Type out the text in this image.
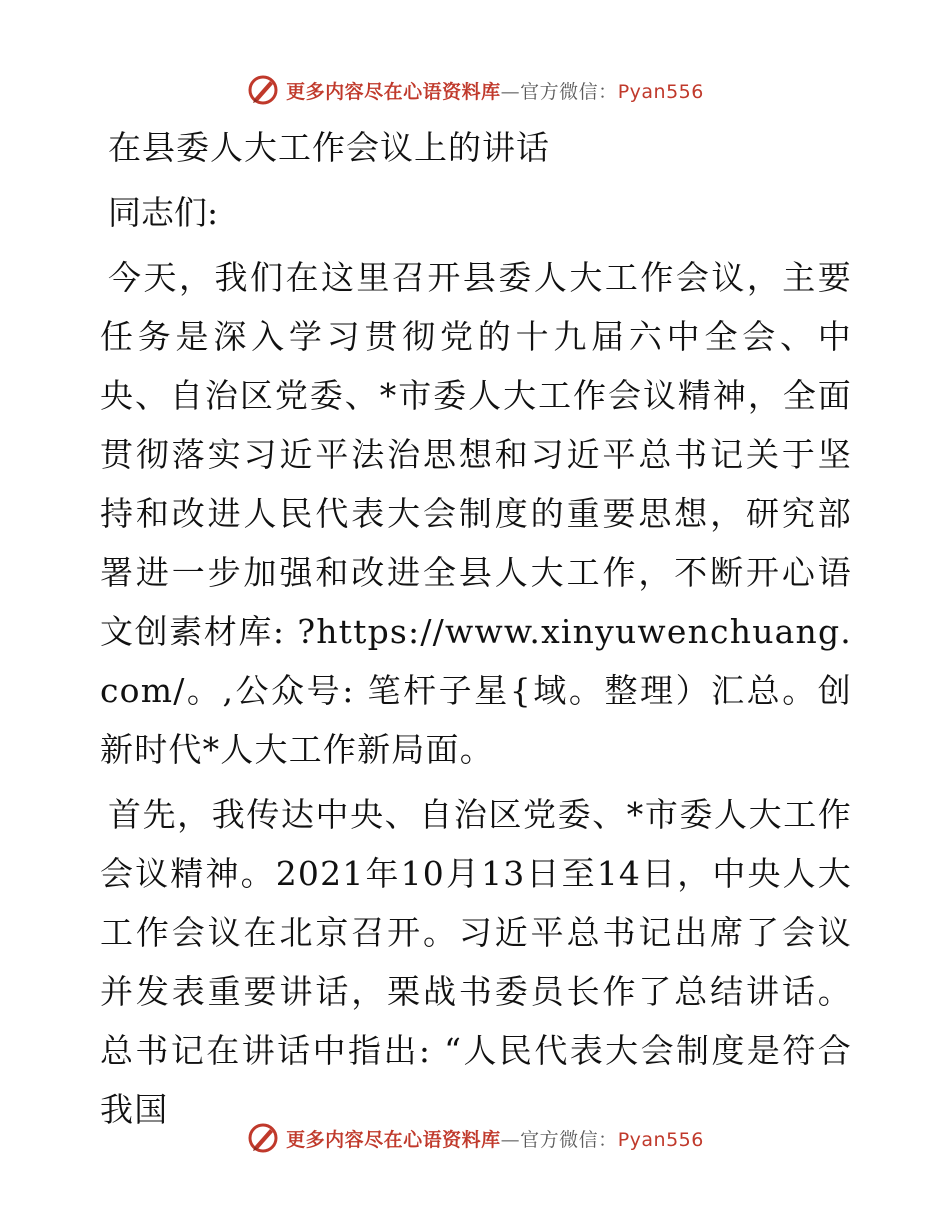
更多内容尽在心语资料库—官方微信：Pyan556
在县委人大工作会议上的讲话

同志们:

今天，我们在这里召开县委人大工作会议，主要任务是深入学习贯彻党的十九届六中全会、中央、自治区党委、*市委人大工作会议精神，全面贯彻落实习近平法治思想和习近平总书记关于坚持和改进人民代表大会制度的重要思想，研究部署进一步加强和改进全县人大工作，不断开心语文创素材库: ?https://www.xinyuwenchuang.com/。,公众号: 笔杆子星{域。整理）汇总。创新时代*人大工作新局面。

首先，我传达中央、自治区党委、*市委人大工作会议精神。2021年10月13日至14日，中央人大工作会议在北京召开。习近平总书记出席了会议并发表重要讲话，栗战书委员长作了总结讲话。总书记在讲话中指出: “人民代表大会制度是符合我国

更多内容尽在心语资料库—官方微信：Pyan556
